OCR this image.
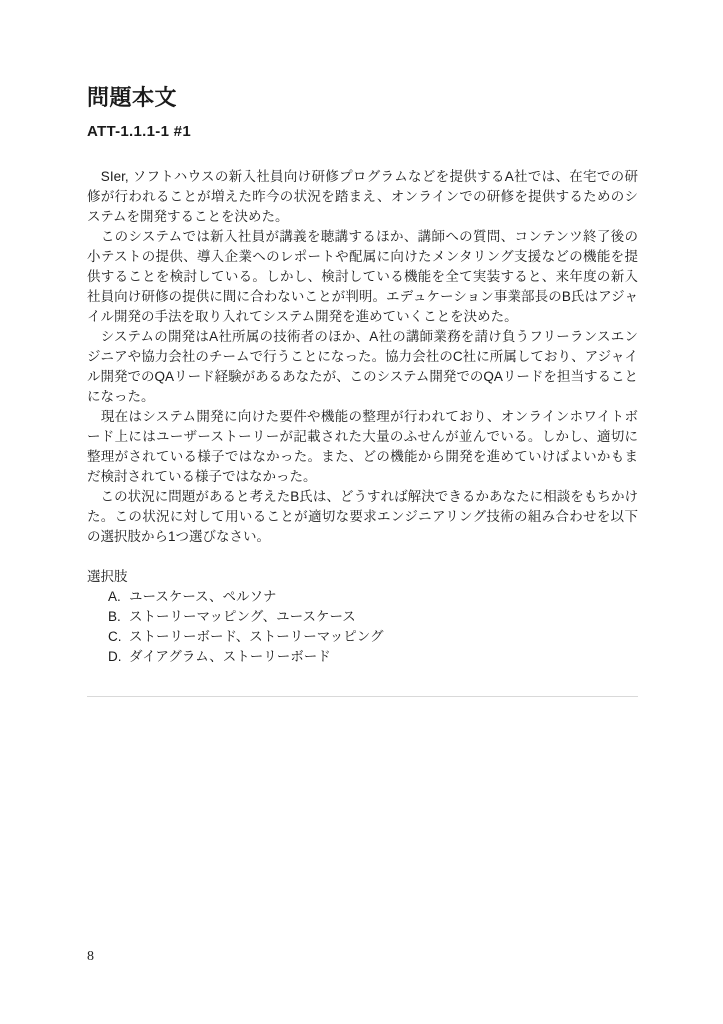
問題本文
ATT-1.1.1-1 #1

　SIer, ソフトハウスの新入社員向け研修プログラムなどを提供するA社では、在宅での研修が行われることが増えた昨今の状況を踏まえ、オンラインでの研修を提供するためのシステムを開発することを決めた。

　このシステムでは新入社員が講義を聴講するほか、講師への質問、コンテンツ終了後の小テストの提供、導入企業へのレポートや配属に向けたメンタリング支援などの機能を提供することを検討している。しかし、検討している機能を全て実装すると、来年度の新入社員向け研修の提供に間に合わないことが判明。エデュケーション事業部長のB氏はアジャイル開発の手法を取り入れてシステム開発を進めていくことを決めた。

　システムの開発はA社所属の技術者のほか、A社の講師業務を請け負うフリーランスエンジニアや協力会社のチームで行うことになった。協力会社のC社に所属しており、アジャイル開発でのQAリード経験があるあなたが、このシステム開発でのQAリードを担当することになった。

　現在はシステム開発に向けた要件や機能の整理が行われており、オンラインホワイトボード上にはユーザーストーリーが記載された大量のふせんが並んでいる。しかし、適切に整理がされている様子ではなかった。また、どの機能から開発を進めていけばよいかもまだ検討されている様子ではなかった。

　この状況に問題があると考えたB氏は、どうすれば解決できるかあなたに相談をもちかけた。この状況に対して用いることが適切な要求エンジニアリング技術の組み合わせを以下の選択肢から1つ選びなさい。

選択肢

A. ユースケース、ペルソナ
B. ストーリーマッピング、ユースケース
C. ストーリーボード、ストーリーマッピング
D. ダイアグラム、ストーリーボード
8
